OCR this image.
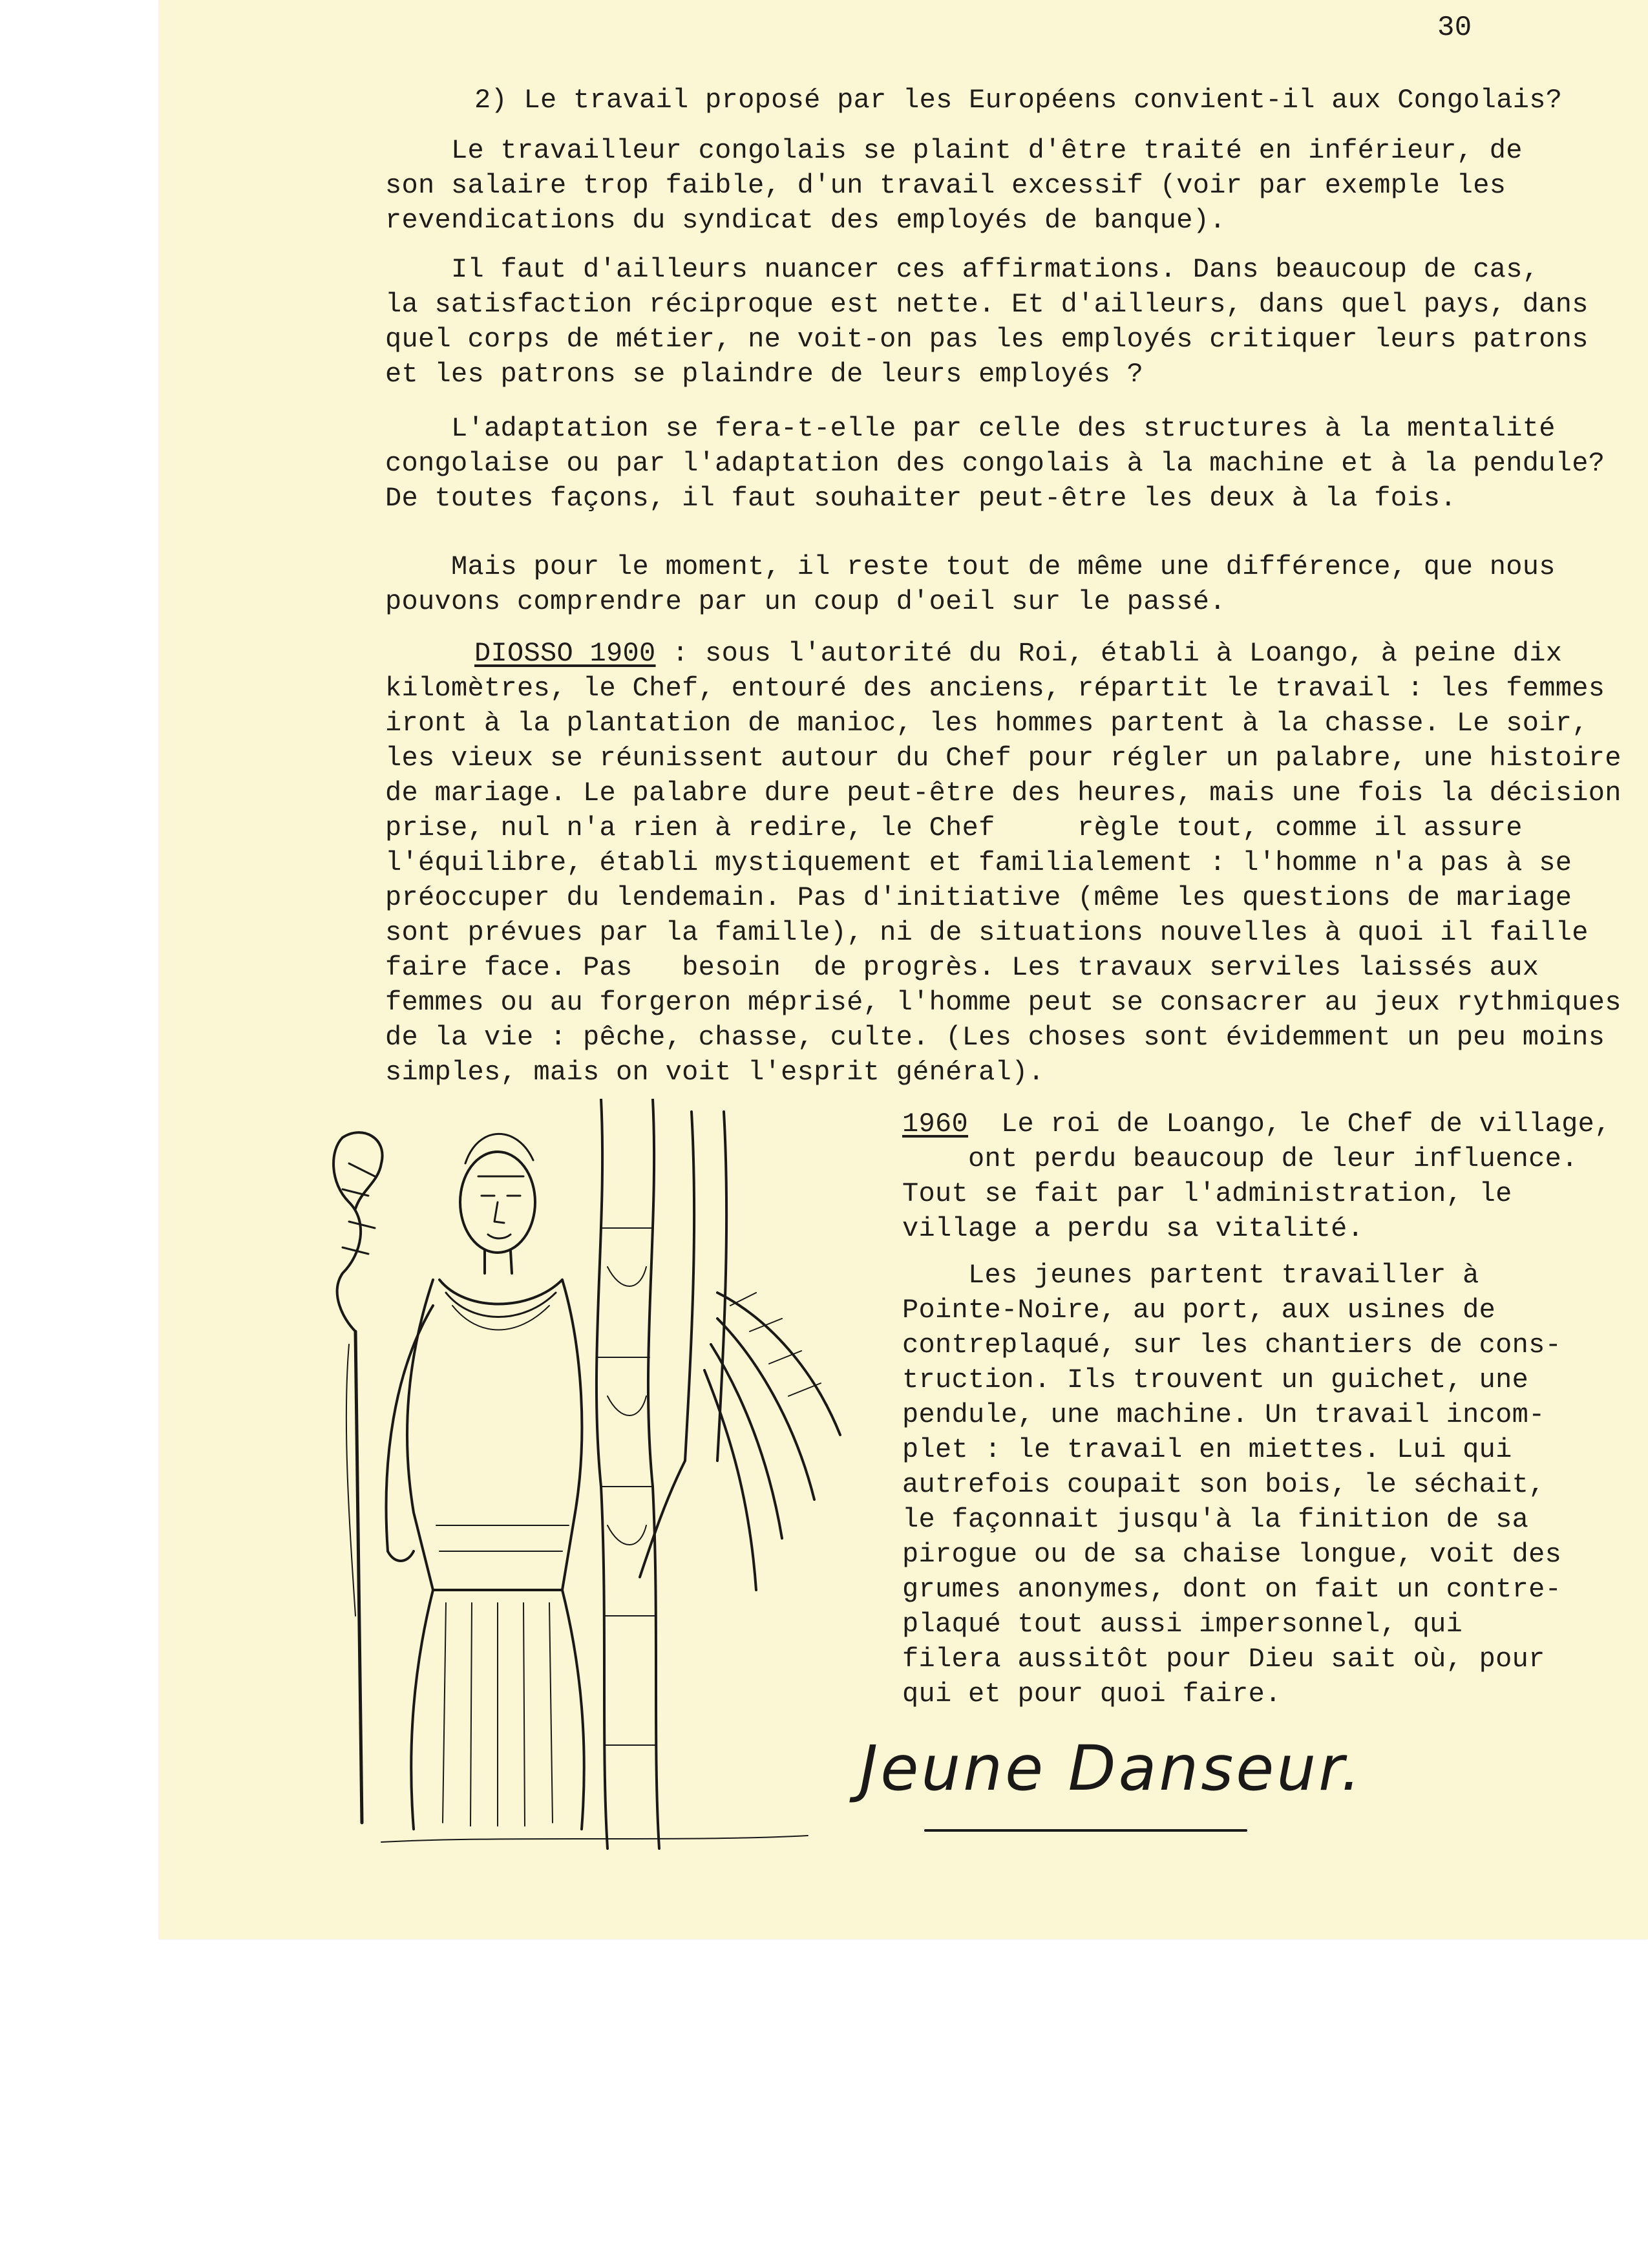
30
2) Le travail proposé par les Européens convient-il aux Congolais?
Le travailleur congolais se plaint d'être traité en inférieur, de
son salaire trop faible, d'un travail excessif (voir par exemple les
revendications du syndicat des employés de banque).
Il faut d'ailleurs nuancer ces affirmations. Dans beaucoup de cas,
la satisfaction réciproque est nette. Et d'ailleurs, dans quel pays, dans
quel corps de métier, ne voit-on pas les employés critiquer leurs patrons
et les patrons se plaindre de leurs employés ?
L'adaptation se fera-t-elle par celle des structures à la mentalité
congolaise ou par l'adaptation des congolais à la machine et à la pendule?
De toutes façons, il faut souhaiter peut-être les deux à la fois.
Mais pour le moment, il reste tout de même une différence, que nous
pouvons comprendre par un coup d'oeil sur le passé.
DIOSSO 1900 : sous l'autorité du Roi, établi à Loango, à peine dix
kilomètres, le Chef, entouré des anciens, répartit le travail : les femmes
iront à la plantation de manioc, les hommes partent à la chasse. Le soir,
les vieux se réunissent autour du Chef pour régler un palabre, une histoire
de mariage. Le palabre dure peut-être des heures, mais une fois la décision
prise, nul n'a rien à redire, le Chef     règle tout, comme il assure
l'équilibre, établi mystiquement et familialement : l'homme n'a pas à se
préoccuper du lendemain. Pas d'initiative (même les questions de mariage
sont prévues par la famille), ni de situations nouvelles à quoi il faille
faire face. Pas   besoin  de progrès. Les travaux serviles laissés aux
femmes ou au forgeron méprisé, l'homme peut se consacrer au jeux rythmiques
de la vie : pêche, chasse, culte. (Les choses sont évidemment un peu moins
simples, mais on voit l'esprit général).
1960  Le roi de Loango, le Chef de village,
ont perdu beaucoup de leur influence.
Tout se fait par l'administration, le
village a perdu sa vitalité.
Les jeunes partent travailler à
Pointe-Noire, au port, aux usines de
contreplaqué, sur les chantiers de cons-
truction. Ils trouvent un guichet, une
pendule, une machine. Un travail incom-
plet : le travail en miettes. Lui qui
autrefois coupait son bois, le séchait,
le façonnait jusqu'à la finition de sa
pirogue ou de sa chaise longue, voit des
grumes anonymes, dont on fait un contre-
plaqué tout aussi impersonnel, qui
filera aussitôt pour Dieu sait où, pour
qui et pour quoi faire.
Jeune Danseur.
